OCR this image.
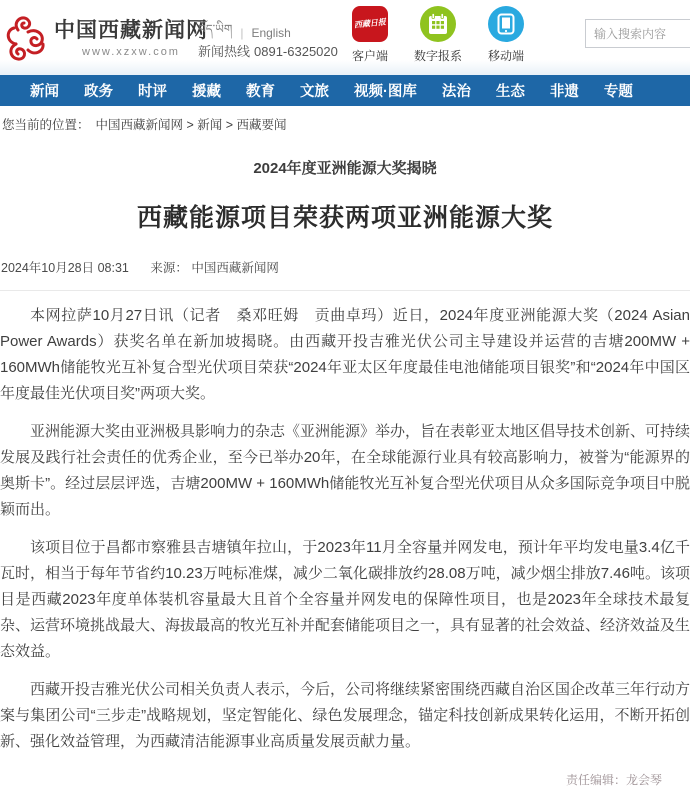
中国西藏新闻网
www.xzxw.com
བོད་ཡིག | English
新闻热线 0891-6325020
西藏日报
客户端 数字报系 移动端
输入搜索内容
新闻 政务 时评 援藏 教育 文旅 视频·图库 法治 生态 非遗 专题
您当前的位置： 中国西藏新闻网 > 新闻 > 西藏要闻
2024年度亚洲能源大奖揭晓
西藏能源项目荣获两项亚洲能源大奖
2024年10月28日 08:31 来源： 中国西藏新闻网

本网拉萨10月27日讯（记者　桑邓旺姆　贡曲卓玛）近日，2024年度亚洲能源大奖（2024 Asian Power Awards）获奖名单在新加坡揭晓。由西藏开投吉雅光伏公司主导建设并运营的吉塘200MW + 160MWh储能牧光互补复合型光伏项目荣获“2024年亚太区年度最佳电池储能项目银奖”和“2024年中国区年度最佳光伏项目奖”两项大奖。

亚洲能源大奖由亚洲极具影响力的杂志《亚洲能源》举办，旨在表彰亚太地区倡导技术创新、可持续发展及践行社会责任的优秀企业，至今已举办20年，在全球能源行业具有较高影响力，被誉为“能源界的奥斯卡”。经过层层评选，吉塘200MW + 160MWh储能牧光互补复合型光伏项目从众多国际竞争项目中脱颖而出。

该项目位于昌都市察雅县吉塘镇年拉山，于2023年11月全容量并网发电，预计年平均发电量3.4亿千瓦时，相当于每年节省约10.23万吨标准煤，减少二氧化碳排放约28.08万吨，减少烟尘排放7.46吨。该项目是西藏2023年度单体装机容量最大且首个全容量并网发电的保障性项目，也是2023年全球技术最复杂、运营环境挑战最大、海拔最高的牧光互补并配套储能项目之一，具有显著的社会效益、经济效益及生态效益。

西藏开投吉雅光伏公司相关负责人表示，今后，公司将继续紧密围绕西藏自治区国企改革三年行动方案与集团公司“三步走”战略规划，坚定智能化、绿色发展理念，锚定科技创新成果转化运用，不断开拓创新、强化效益管理，为西藏清洁能源事业高质量发展贡献力量。

责任编辑：龙会琴
